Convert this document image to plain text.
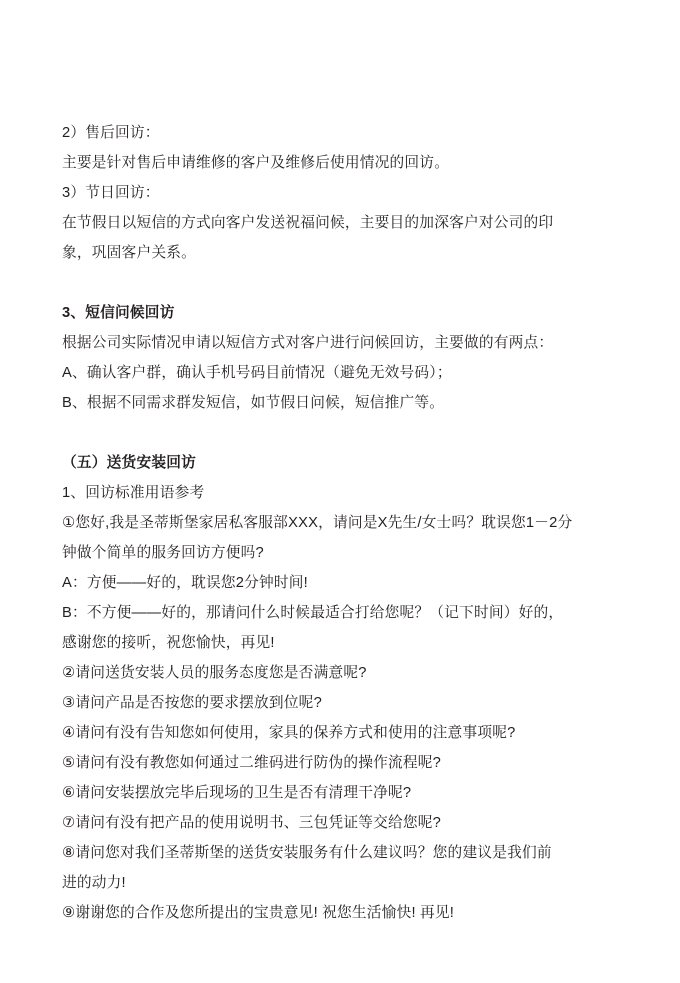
2）售后回访：

主要是针对售后申请维修的客户及维修后使用情况的回访。

3）节日回访：

在节假日以短信的方式向客户发送祝福问候，主要目的加深客户对公司的印

象，巩固客户关系。

3、短信问候回访

根据公司实际情况申请以短信方式对客户进行问候回访，主要做的有两点：

A、确认客户群，确认手机号码目前情况（避免无效号码）；

B、根据不同需求群发短信，如节假日问候，短信推广等。

（五）送货安装回访

1、回访标准用语参考

①您好,我是圣蒂斯堡家居私客服部XXX，请问是X先生/女士吗？耽误您1－2分

钟做个简单的服务回访方便吗?

A：方便——好的，耽误您2分钟时间!

B：不方便——好的，那请问什么时候最适合打给您呢？（记下时间）好的，

感谢您的接听，祝您愉快，再见!

②请问送货安装人员的服务态度您是否满意呢?

③请问产品是否按您的要求摆放到位呢?

④请问有没有告知您如何使用，家具的保养方式和使用的注意事项呢?

⑤请问有没有教您如何通过二维码进行防伪的操作流程呢?

⑥请问安装摆放完毕后现场的卫生是否有清理干净呢?

⑦请问有没有把产品的使用说明书、三包凭证等交给您呢?

⑧请问您对我们圣蒂斯堡的送货安装服务有什么建议吗？您的建议是我们前

进的动力!

⑨谢谢您的合作及您所提出的宝贵意见! 祝您生活愉快! 再见!
